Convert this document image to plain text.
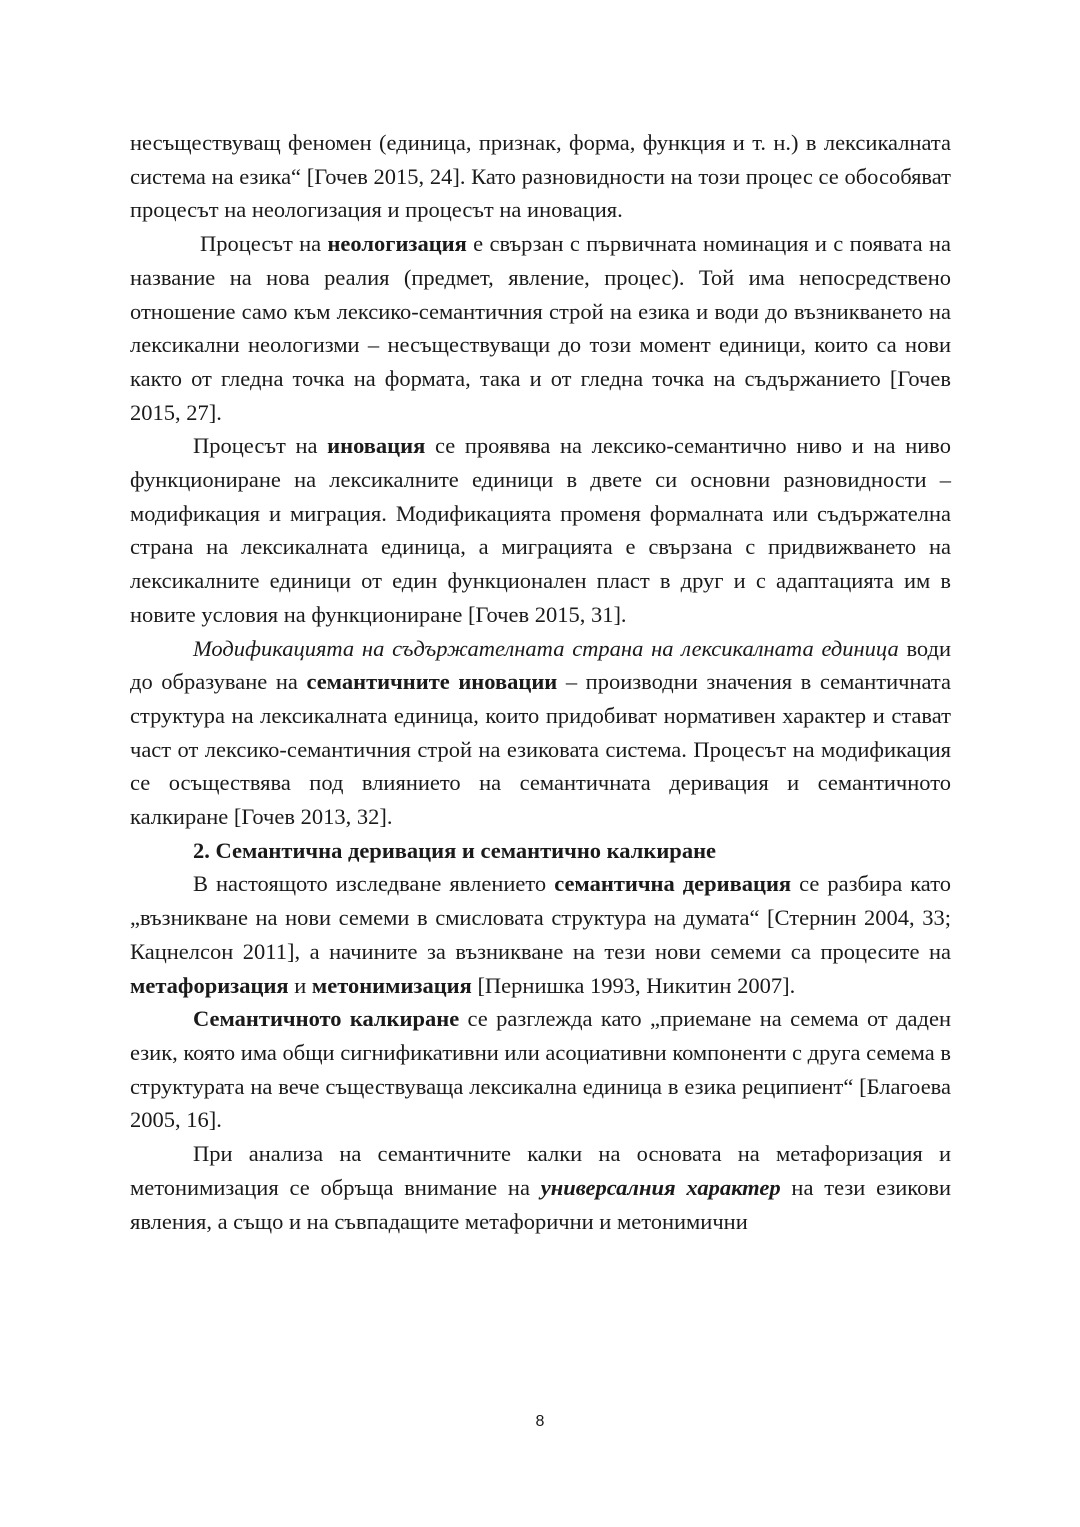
несъществуващ феномен (единица, признак, форма, функция и т. н.) в лексикалната система на езика“ [Гочев 2015, 24]. Като разновидности на този процес се обособяват процесът на неологизация и процесът на иновация.

Процесът на неологизация е свързан с първичната номинация и с появата на название на нова реалия (предмет, явление, процес). Той има непосредствено отношение само към лексико-семантичния строй на езика и води до възникването на лексикални неологизми – несъществуващи до този момент единици, които са нови както от гледна точка на формата, така и от гледна точка на съдържанието [Гочев 2015, 27].

Процесът на иновация се проявява на лексико-семантично ниво и на ниво функциониране на лексикалните единици в двете си основни разновидности – модификация и миграция. Модификацията променя формалната или съдържателна страна на лексикалната единица, а миграцията е свързана с придвижването на лексикалните единици от един функционален пласт в друг и с адаптацията им в новите условия на функциониране [Гочев 2015, 31].

Модификацията на съдържателната страна на лексикалната единица води до образуване на семантичните иновации – производни значения в семантичната структура на лексикалната единица, които придобиват нормативен характер и стават част от лексико-семантичния строй на езиковата система. Процесът на модификация се осъществява под влиянието на семантичната деривация и семантичното калкиране [Гочев 2013, 32].

2. Семантична деривация и семантично калкиране

В настоящото изследване явлението семантична деривация се разбира като „възникване на нови семеми в смисловата структура на думата“ [Стернин 2004, 33; Кацнелсон 2011], а начините за възникване на тези нови семеми са процесите на метафоризация и метонимизация [Пернишка 1993, Никитин 2007].

Семантичното калкиране се разглежда като „приемане на семема от даден език, която има общи сигнификативни или асоциативни компоненти с друга семема в структурата на вече съществуваща лексикална единица в езика реципиент“ [Благоева 2005, 16].

При анализа на семантичните калки на основата на метафоризация и метонимизация се обръща внимание на универсалния характер на тези езикови явления, а също и на съвпадащите метафорични и метонимични

8
